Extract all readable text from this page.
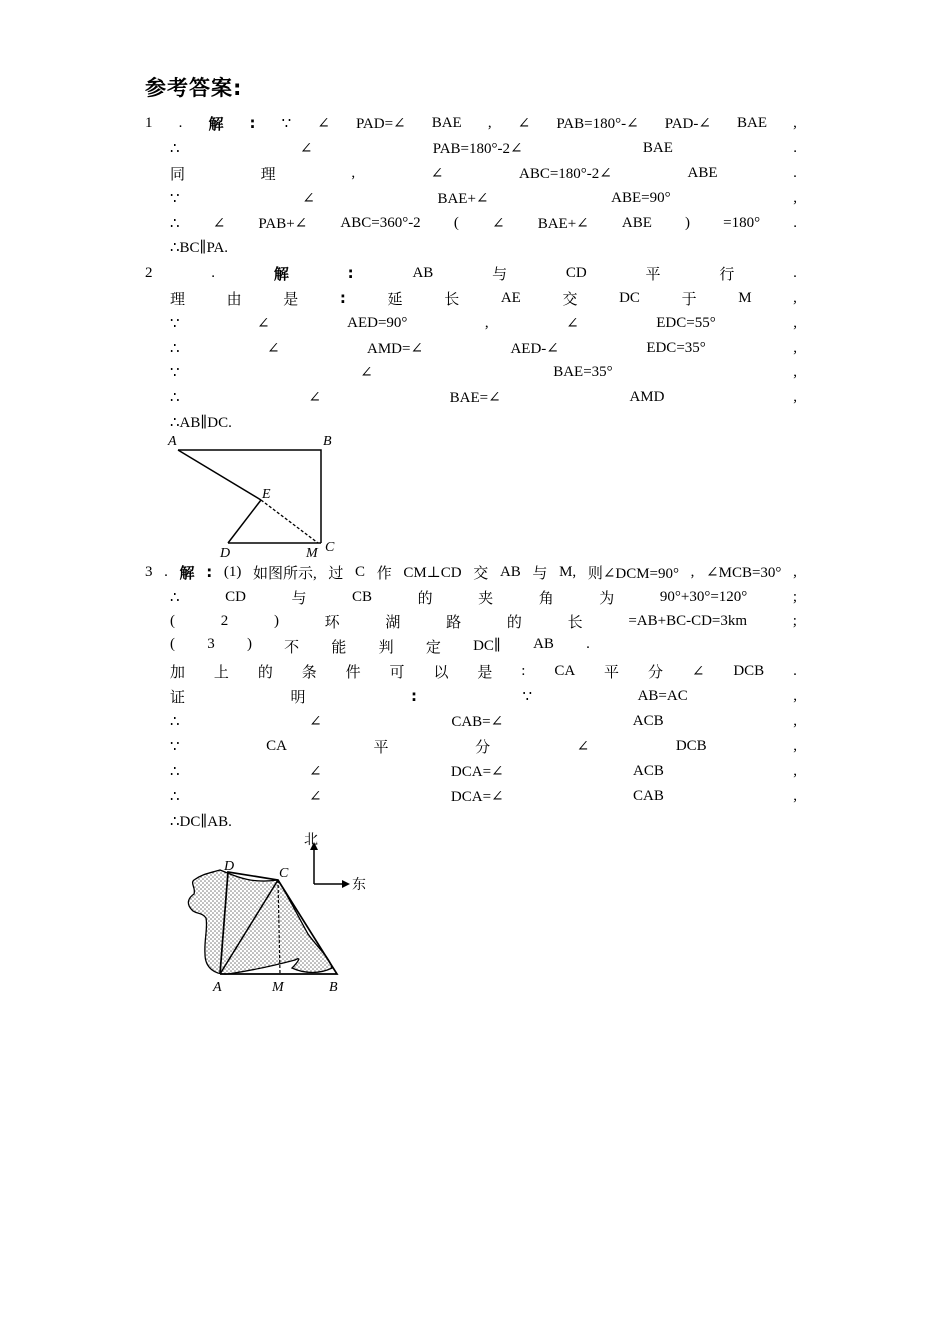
参考答案:
1 . 解 : ∵ ∠ PAD=∠ BAE , ∠ PAB=180°-∠ PAD-∠ BAE ,
∴	∠	PAB=180°-2∠	BAE	.
同	理	,	∠	ABC=180°-2∠	ABE	.
∵	∠	BAE+∠	ABE=90°	,
∴ ∠ PAB+∠ ABC=360°-2 ( ∠ BAE+∠ ABE ) =180° .
∴BC∥PA.
2	.	解	:	AB	与	CD	平	行	.
理	由	是	:	延	长	AE	交	DC	于	M	,
∵	∠	AED=90°	,	∠	EDC=55°	,
∴	∠	AMD=∠	AED-∠	EDC=35°	,
∵	∠	BAE=35°	,
∴	∠	BAE=∠	AMD	,
∴AB∥DC.
A	B
E
D	M C
3 . 解 : (1) 如图所示, 过 C 作 CM⊥CD 交 AB 与 M, 则∠DCM=90° , ∠MCB=30° ,
∴	CD	与	CB	的	夹	角	为	90°+30°=120°	;
(	2	)	环	湖	路	的	长	=AB+BC-CD=3km	;
( 3 ) 不 能 判 定 DC∥ AB .
加 上 的 条 件 可 以 是 : CA 平 分 ∠ DCB .
证	明	:	∵	AB=AC	,
∴	∠	CAB=∠	ACB	,
∵	CA	平	分	∠	DCB	,
∴	∠	DCA=∠	ACB	,
∴	∠	DCA=∠	CAB	,
∴DC∥AB.
北
东
D	C
A	M	B
